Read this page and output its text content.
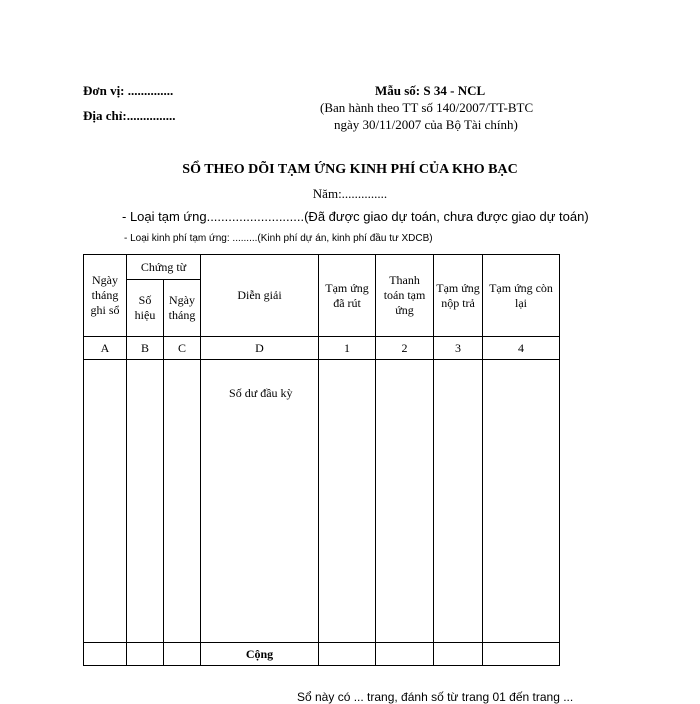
Đơn vị: ..............
Địa chỉ:...............
Mẫu số: S 34 - NCL
(Ban hành theo TT số 140/2007/TT-BTC
ngày 30/11/2007 của Bộ Tài chính)
SỔ THEO DÕI TẠM ỨNG KINH PHÍ CỦA KHO BẠC
Năm:..............
- Loại tạm ứng...........................(Đã được giao dự toán, chưa được giao dự toán)
- Loại kinh phí tạm ứng: .........(Kinh phí dự án, kinh phí đầu tư XDCB)
Ngày tháng ghi sổ	Chứng từ		Diễn giải	Tạm ứng đã rút	Thanh toán tạm ứng	Tạm ứng nộp trả	Tạm ứng còn lại
	Số hiệu	Ngày tháng					
A	B	C	D	1	2	3	4

			Số dư đầu kỳ				

			Cộng				
Sổ này có ... trang, đánh số từ trang 01 đến trang ...
